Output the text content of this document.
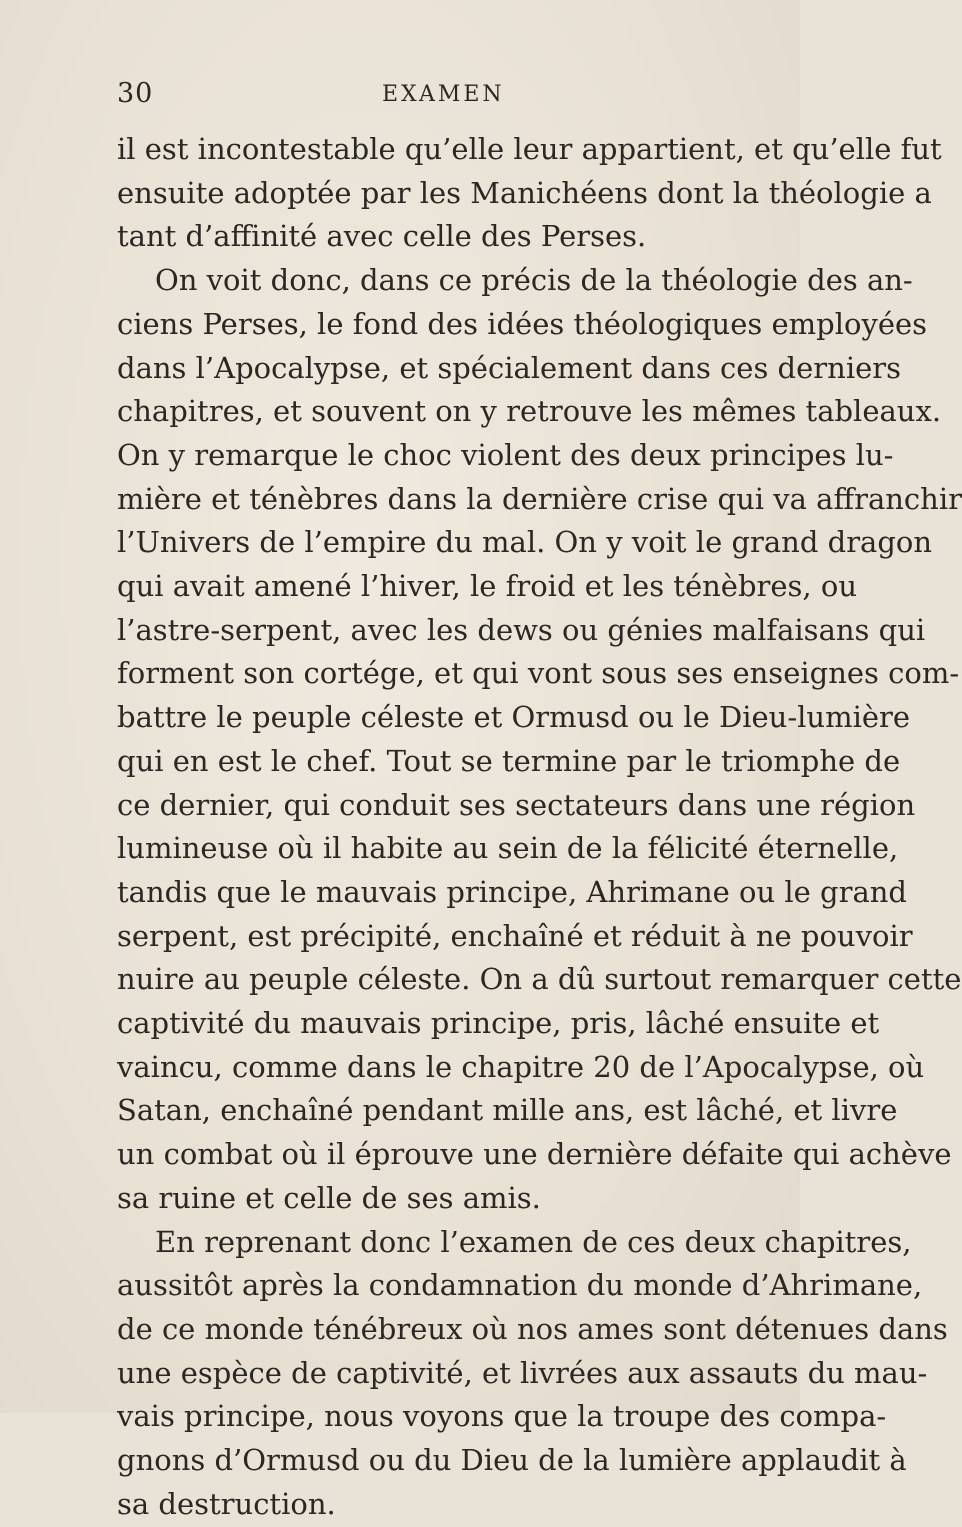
30	EXAMEN
il est incontestable qu’elle leur appartient, et qu’elle fut
ensuite adoptée par les Manichéens dont la théologie a
tant d’affinité avec celle des Perses.
On voit donc, dans ce précis de la théologie des an-
ciens Perses, le fond des idées théologiques employées
dans l’Apocalypse, et spécialement dans ces derniers
chapitres, et souvent on y retrouve les mêmes tableaux.
On y remarque le choc violent des deux principes lu-
mière et ténèbres dans la dernière crise qui va affranchir
l’Univers de l’empire du mal. On y voit le grand dragon
qui avait amené l’hiver, le froid et les ténèbres, ou
l’astre-serpent, avec les dews ou génies malfaisans qui
forment son cortége, et qui vont sous ses enseignes com-
battre le peuple céleste et Ormusd ou le Dieu-lumière
qui en est le chef. Tout se termine par le triomphe de
ce dernier, qui conduit ses sectateurs dans une région
lumineuse où il habite au sein de la félicité éternelle,
tandis que le mauvais principe, Ahrimane ou le grand
serpent, est précipité, enchaîné et réduit à ne pouvoir
nuire au peuple céleste. On a dû surtout remarquer cette
captivité du mauvais principe, pris, lâché ensuite et
vaincu, comme dans le chapitre 20 de l’Apocalypse, où
Satan, enchaîné pendant mille ans, est lâché, et livre
un combat où il éprouve une dernière défaite qui achève
sa ruine et celle de ses amis.
En reprenant donc l’examen de ces deux chapitres,
aussitôt après la condamnation du monde d’Ahrimane,
de ce monde ténébreux où nos ames sont détenues dans
une espèce de captivité, et livrées aux assauts du mau-
vais principe, nous voyons que la troupe des compa-
gnons d’Ormusd ou du Dieu de la lumière applaudit à
sa destruction.
